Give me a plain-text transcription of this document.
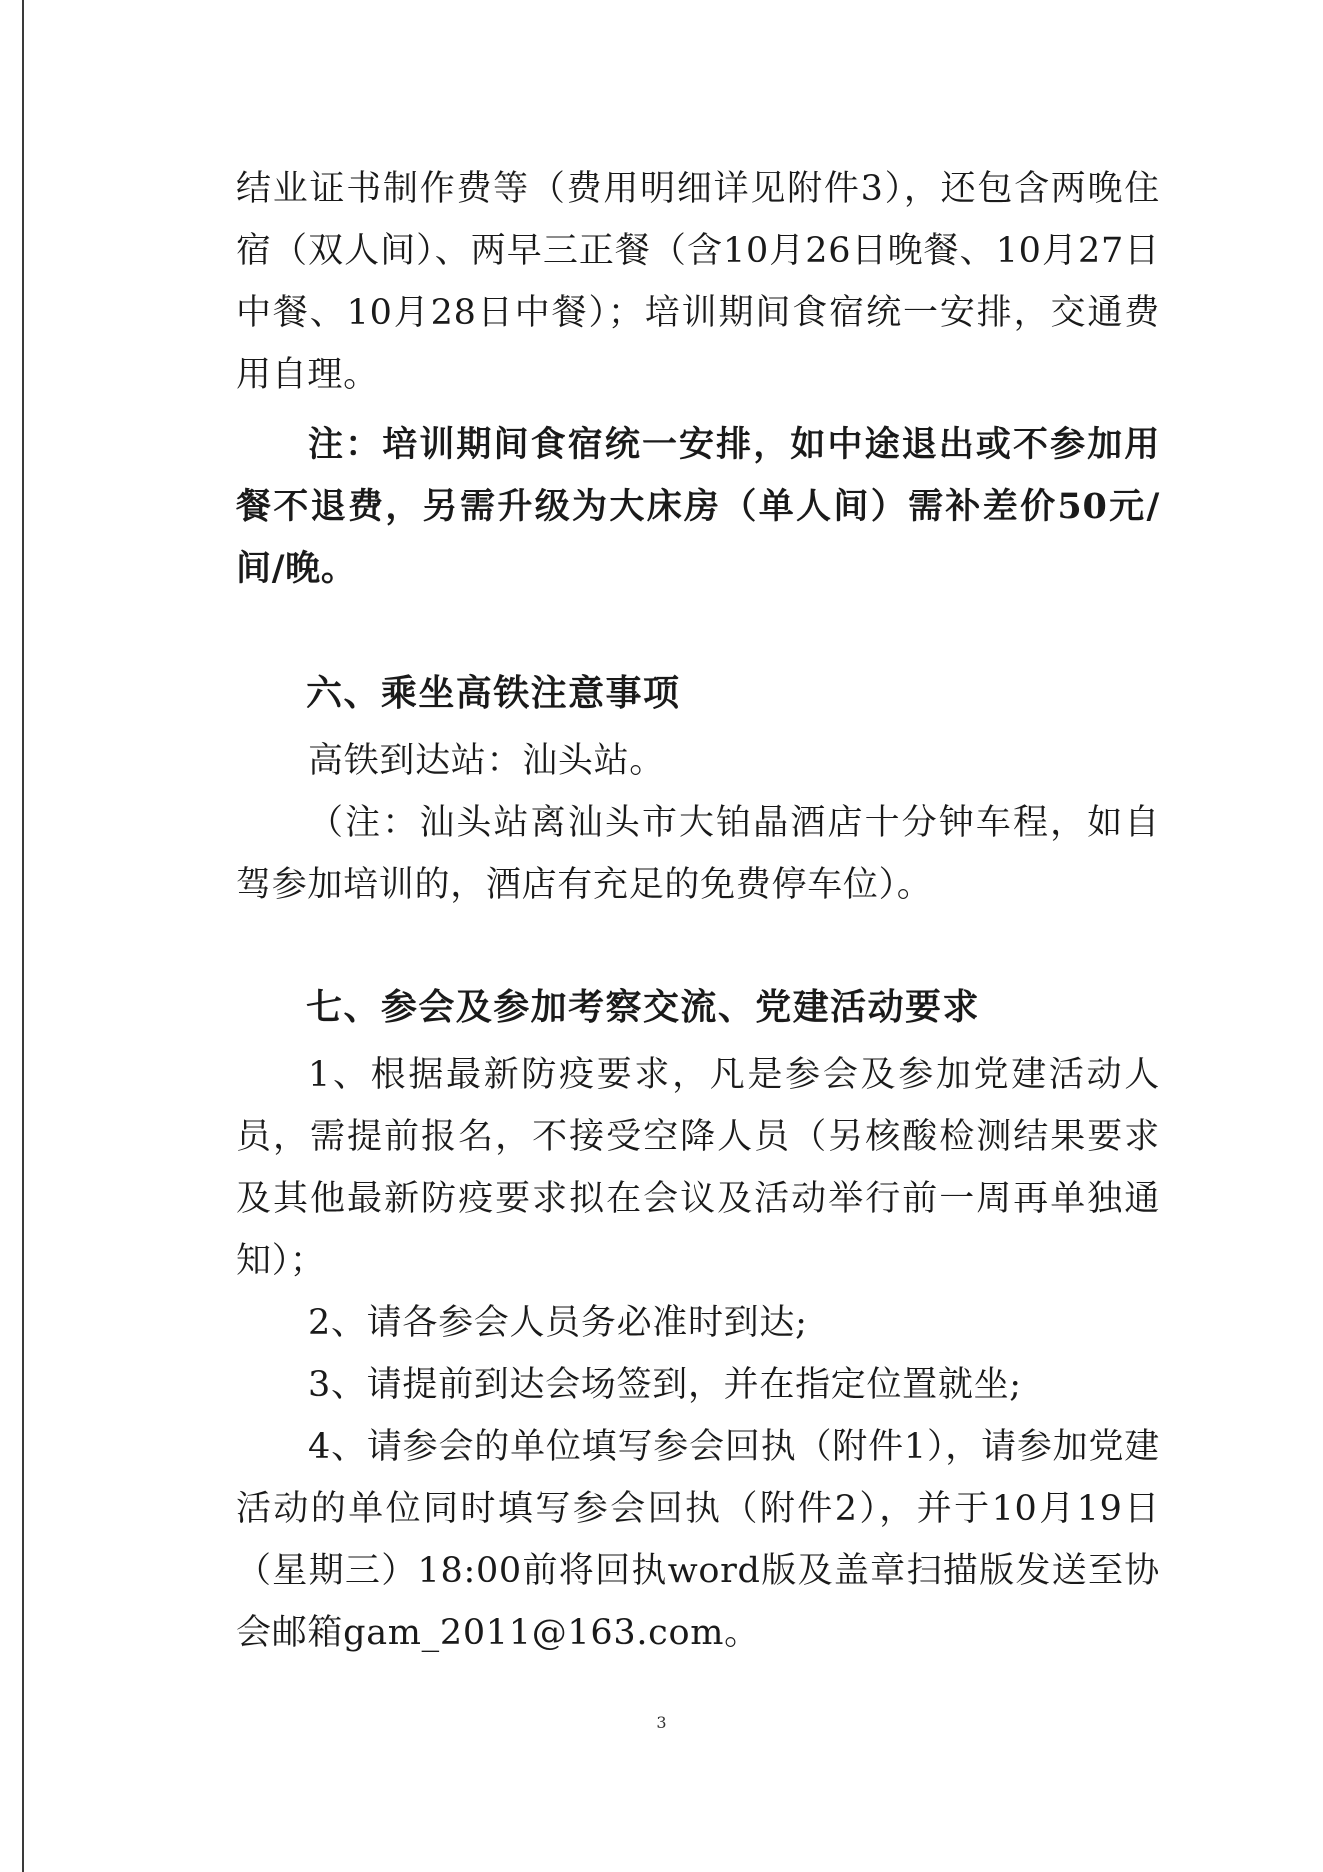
结业证书制作费等（费用明细详见附件3），还包含两晚住宿（双人间）、两早三正餐（含10月26日晚餐、10月27日中餐、10月28日中餐）；培训期间食宿统一安排，交通费用自理。

注：培训期间食宿统一安排，如中途退出或不参加用餐不退费，另需升级为大床房（单人间）需补差价50元/间/晚。

六、乘坐高铁注意事项

高铁到达站：汕头站。

（注：汕头站离汕头市大铂晶酒店十分钟车程，如自驾参加培训的，酒店有充足的免费停车位）。

七、参会及参加考察交流、党建活动要求

1、根据最新防疫要求，凡是参会及参加党建活动人员，需提前报名，不接受空降人员（另核酸检测结果要求及其他最新防疫要求拟在会议及活动举行前一周再单独通知）；

2、请各参会人员务必准时到达;

3、请提前到达会场签到，并在指定位置就坐;

4、请参会的单位填写参会回执（附件1），请参加党建活动的单位同时填写参会回执（附件2），并于10月19日（星期三）18:00前将回执word版及盖章扫描版发送至协会邮箱gam_2011@163.com。

3
